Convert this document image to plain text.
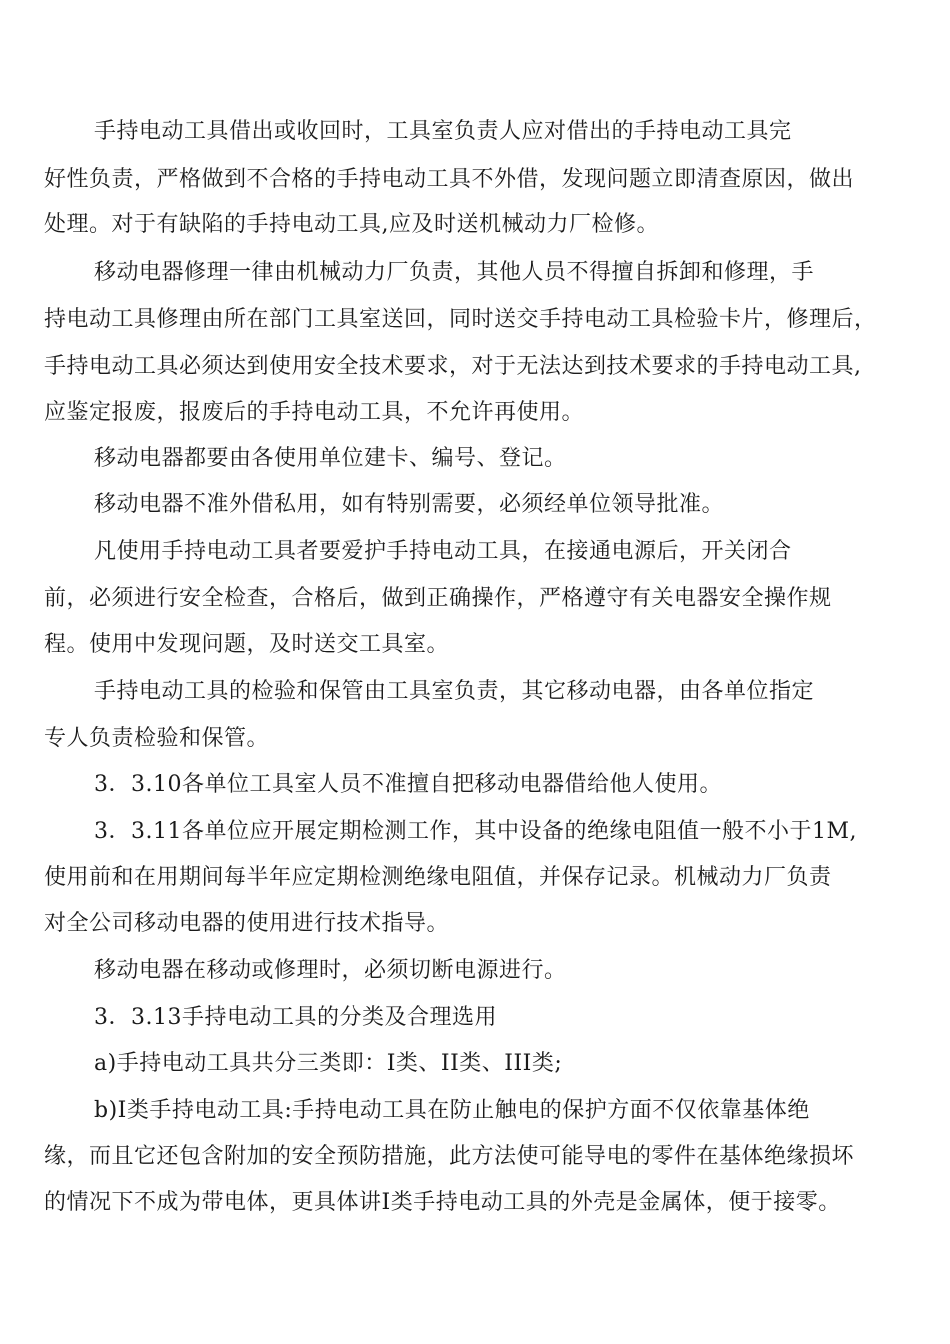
手持电动工具借出或收回时，工具室负责人应对借出的手持电动工具完
好性负责，严格做到不合格的手持电动工具不外借，发现问题立即清查原因，做出
处理。对于有缺陷的手持电动工具,应及时送机械动力厂检修。
移动电器修理一律由机械动力厂负责，其他人员不得擅自拆卸和修理，手
持电动工具修理由所在部门工具室送回，同时送交手持电动工具检验卡片，修理后，
手持电动工具必须达到使用安全技术要求，对于无法达到技术要求的手持电动工具,
应鉴定报废，报废后的手持电动工具，不允许再使用。
移动电器都要由各使用单位建卡、编号、登记。
移动电器不准外借私用，如有特别需要，必须经单位领导批准。
凡使用手持电动工具者要爱护手持电动工具，在接通电源后，开关闭合
前，必须进行安全检查，合格后，做到正确操作，严格遵守有关电器安全操作规
程。使用中发现问题，及时送交工具室。
手持电动工具的检验和保管由工具室负责，其它移动电器，由各单位指定
专人负责检验和保管。
3．3.10各单位工具室人员不准擅自把移动电器借给他人使用。
3．3.11各单位应开展定期检测工作，其中设备的绝缘电阻值一般不小于1M,
使用前和在用期间每半年应定期检测绝缘电阻值，并保存记录。机械动力厂负责
对全公司移动电器的使用进行技术指导。
移动电器在移动或修理时，必须切断电源进行。
3．3.13手持电动工具的分类及合理选用
a)手持电动工具共分三类即：I类、II类、III类;
b)I类手持电动工具:手持电动工具在防止触电的保护方面不仅依靠基体绝
缘，而且它还包含附加的安全预防措施，此方法使可能导电的零件在基体绝缘损坏
的情况下不成为带电体，更具体讲I类手持电动工具的外壳是金属体，便于接零。
